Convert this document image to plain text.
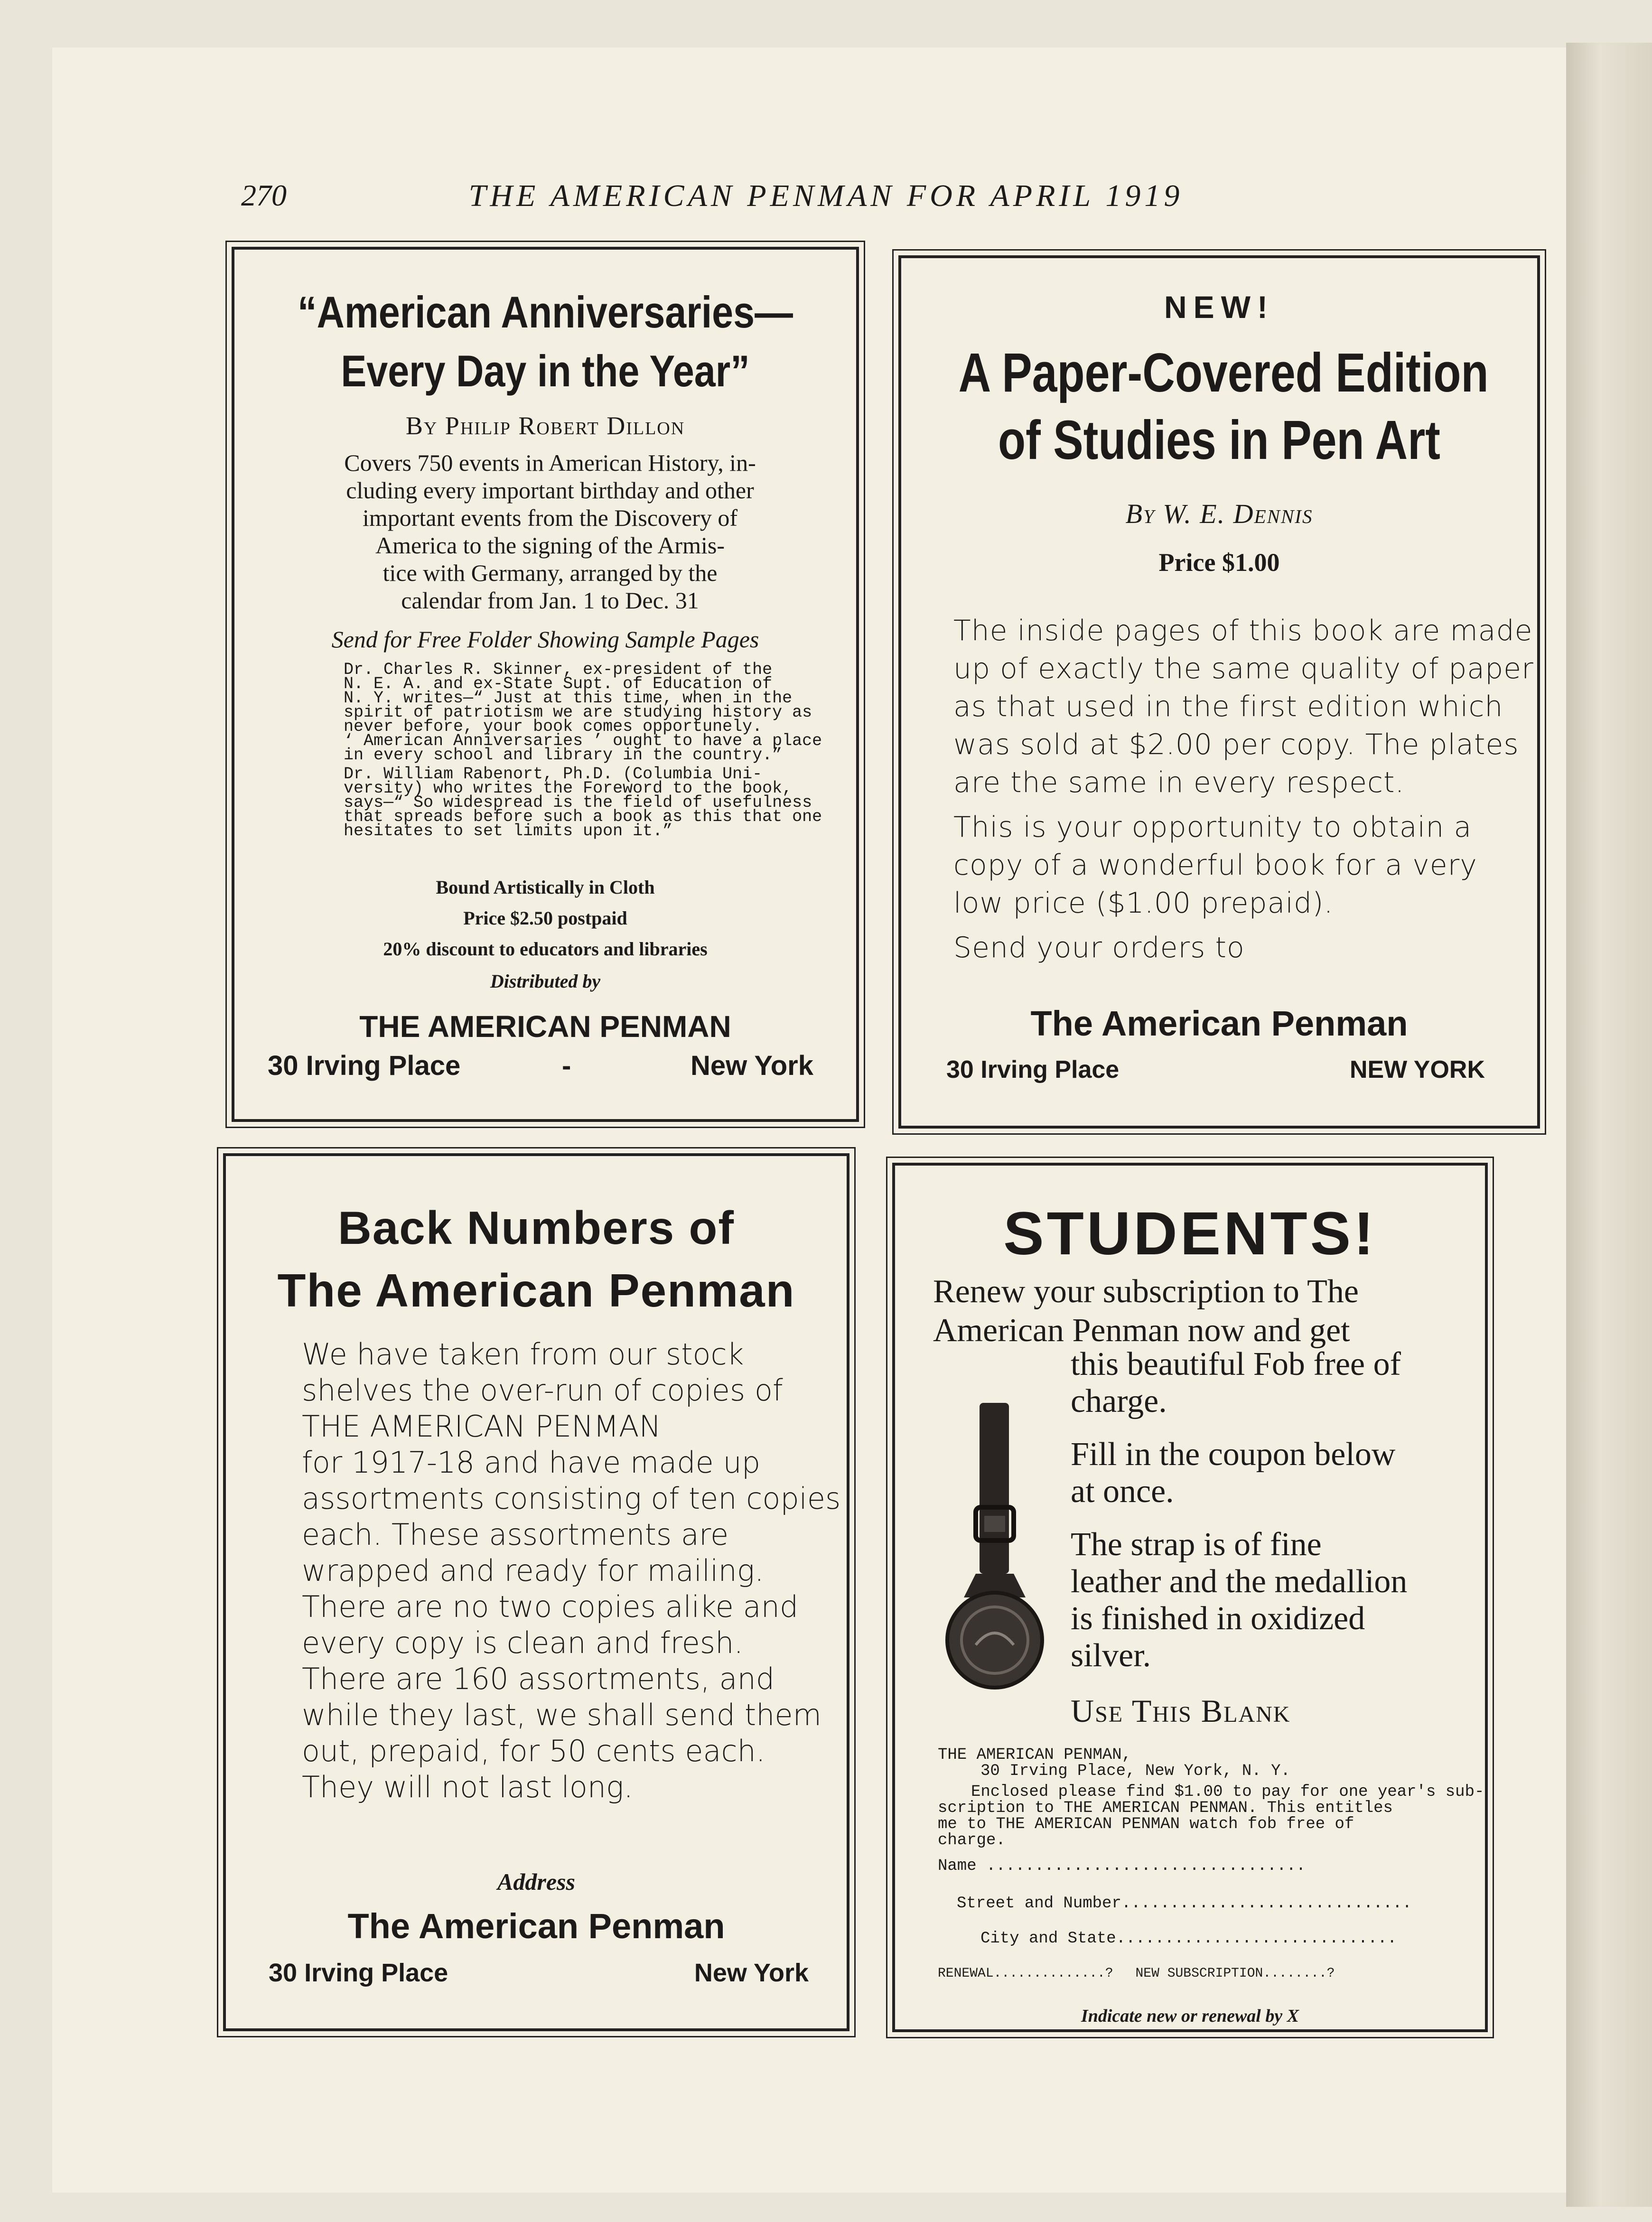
THE AMERICAN PENMAN FOR APRIL 1919
270
“American Anniversaries—
Every Day in the Year”
By Philip Robert Dillon
Covers 750 events in American History, in-
cluding every important birthday and other
important events from the Discovery of
America to the signing of the Armis-
tice with Germany, arranged by the
calendar from Jan. 1 to Dec. 31
Send for Free Folder Showing Sample Pages

Dr. Charles R. Skinner, ex-president of the
N. E. A. and ex-State Supt. of Education of
N. Y. writes—“ Just at this time, when in the
spirit of patriotism we are studying history as
never before, your book comes opportunely.
‘ American Anniversaries ’ ought to have a place
in every school and library in the country.”

Dr. William Rabenort, Ph.D. (Columbia Uni-
versity) who writes the Foreword to the book,
says—“ So widespread is the field of usefulness
that spreads before such a book as this that one
hesitates to set limits upon it.”

Bound Artistically in Cloth
Price $2.50 postpaid
20% discount to educators and libraries
Distributed by
THE AMERICAN PENMAN
30 Irving Place	-	New York
NEW!
A Paper-Covered Edition
of Studies in Pen Art
By W. E. Dennis
Price $1.00

The inside pages of this book are made
up of exactly the same quality of paper
as that used in the first edition which
was sold at $2.00 per copy. The plates
are the same in every respect.

This is your opportunity to obtain a
copy of a wonderful book for a very
low price ($1.00 prepaid).

Send your orders to

The American Penman
30 Irving Place	NEW YORK
Back Numbers of
The American Penman
We have taken from our stock
shelves the over-run of copies of
THE AMERICAN PENMAN
for 1917-18 and have made up
assortments consisting of ten copies
each. These assortments are
wrapped and ready for mailing.
There are no two copies alike and
every copy is clean and fresh.
There are 160 assortments, and
while they last, we shall send them
out, prepaid, for 50 cents each.
They will not last long.
Address
The American Penman
30 Irving Place	New York
STUDENTS!
Renew your subscription to The
American Penman now and get
this beautiful Fob free of
charge.
Fill in the coupon below
at once.
The strap is of fine
leather and the medallion
is finished in oxidized
silver.
Use This Blank
THE AMERICAN PENMAN,
30 Irving Place, New York, N. Y.
Enclosed please find $1.00 to pay for one year's sub-
scription to THE AMERICAN PENMAN. This entitles
me to THE AMERICAN PENMAN watch fob free of
charge.
Name .................................
Street and Number..............................
City and State.............................
RENEWAL..............? NEW SUBSCRIPTION........?
Indicate new or renewal by X
